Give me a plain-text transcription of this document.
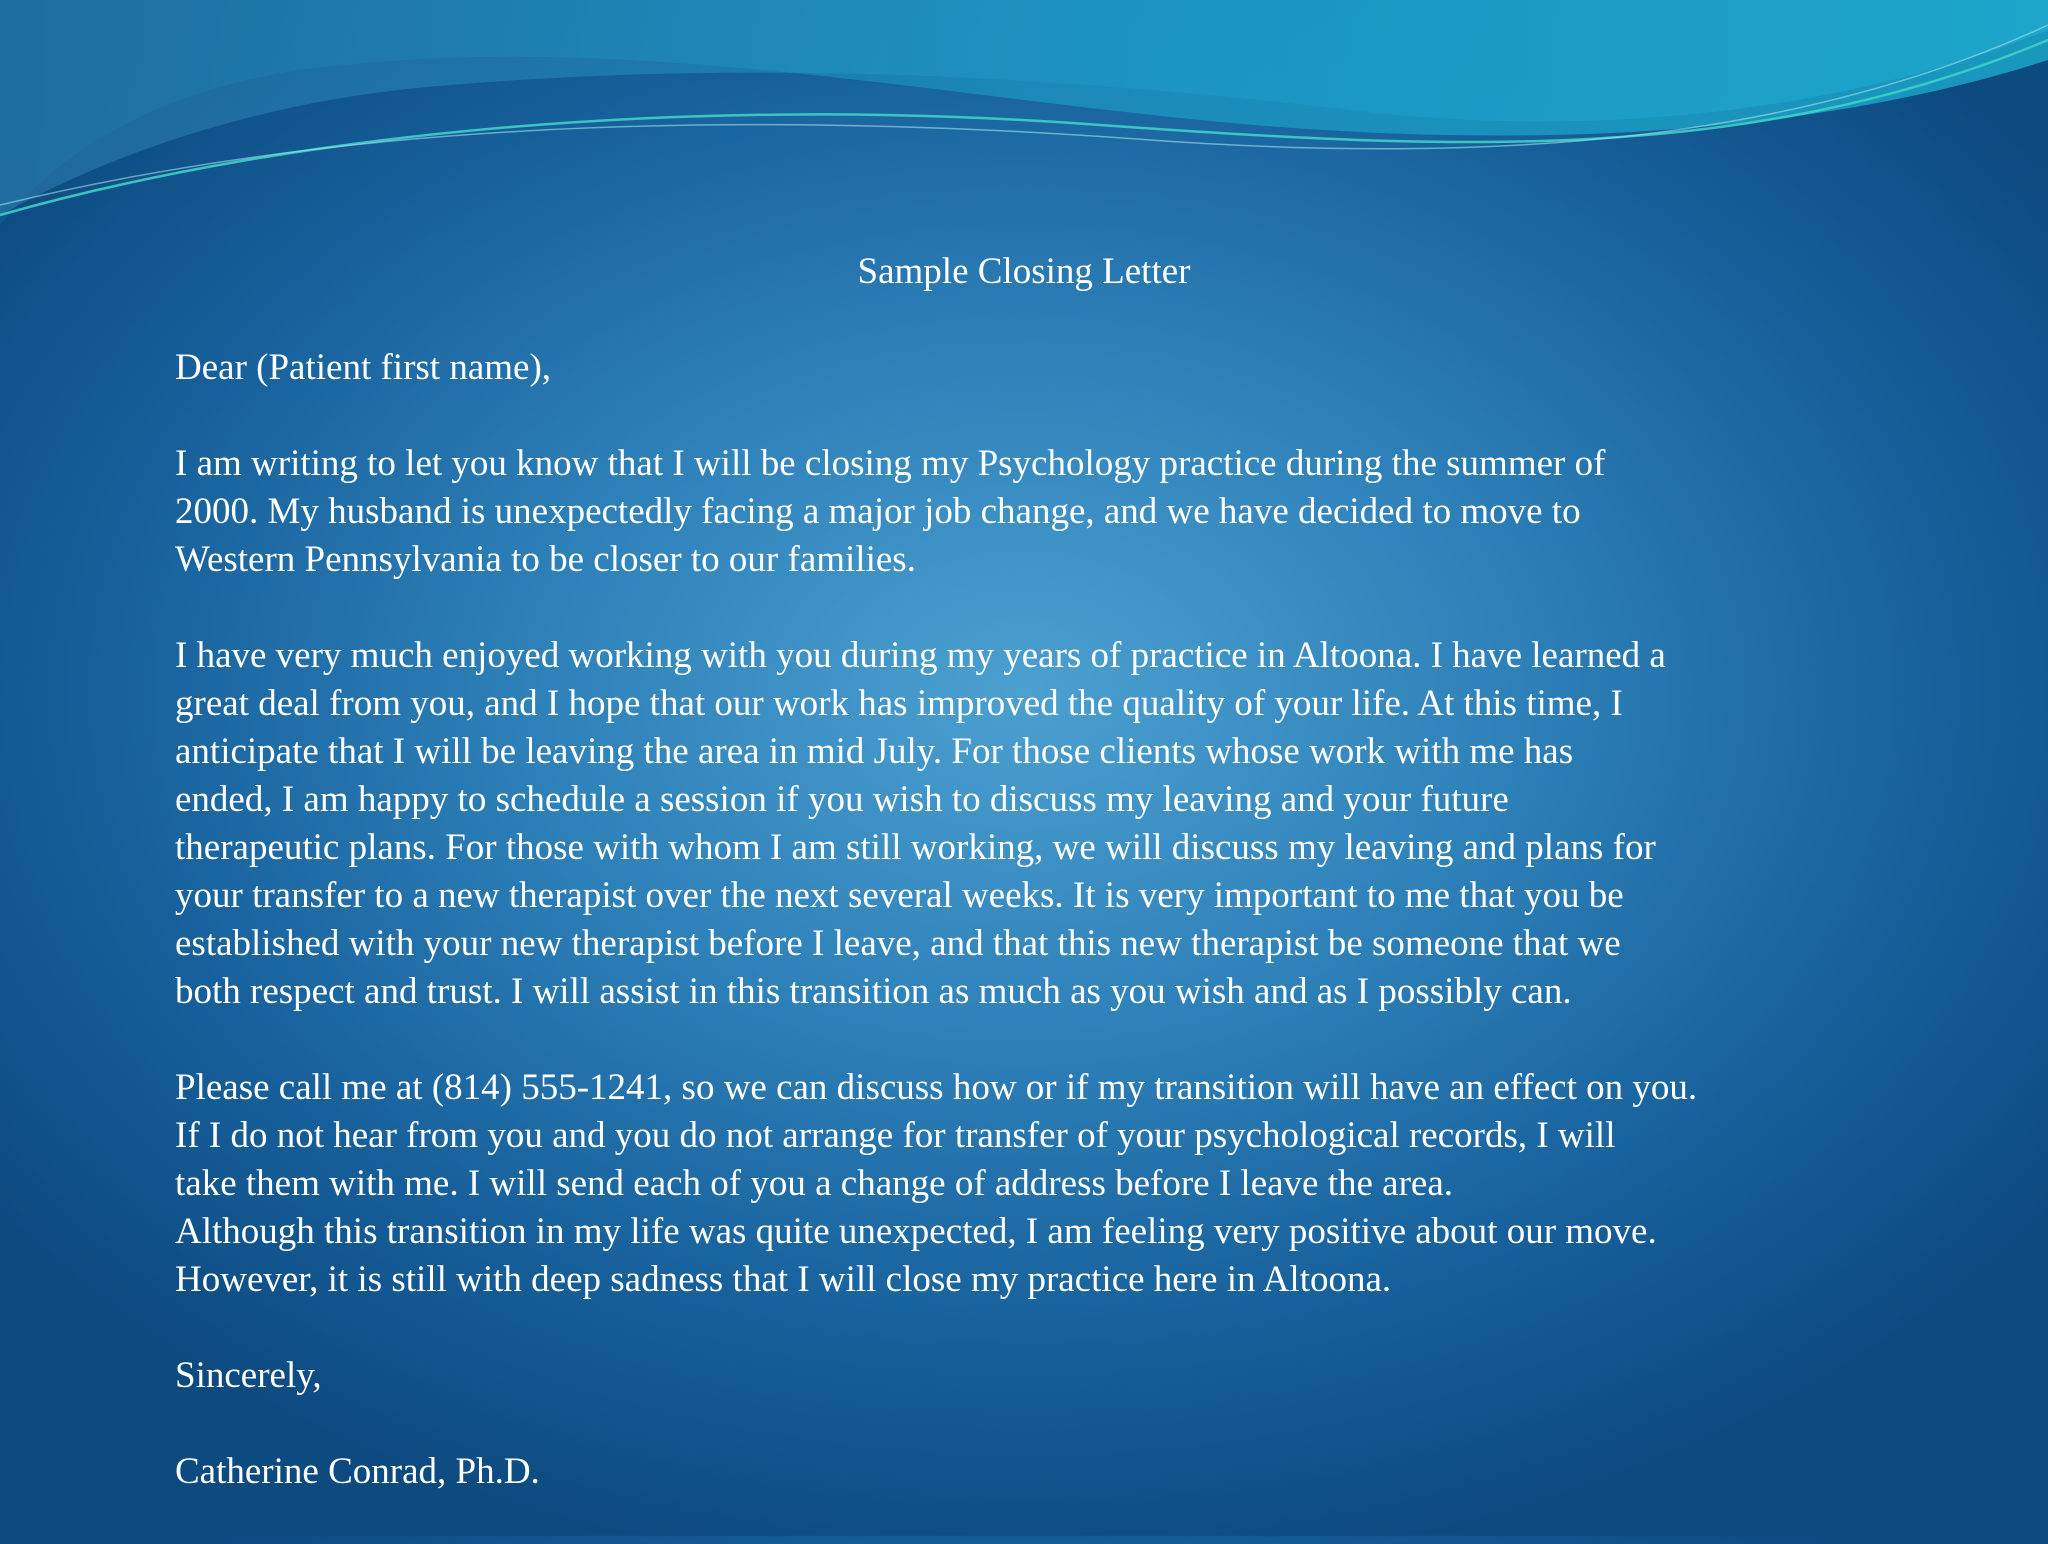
Sample Closing Letter

Dear (Patient first name),

I am writing to let you know that I will be closing my Psychology practice during the summer of
2000. My husband is unexpectedly facing a major job change, and we have decided to move to
Western Pennsylvania to be closer to our families.

I have very much enjoyed working with you during my years of practice in Altoona. I have learned a
great deal from you, and I hope that our work has improved the quality of your life. At this time, I
anticipate that I will be leaving the area in mid July. For those clients whose work with me has
ended, I am happy to schedule a session if you wish to discuss my leaving and your future
therapeutic plans. For those with whom I am still working, we will discuss my leaving and plans for
your transfer to a new therapist over the next several weeks. It is very important to me that you be
established with your new therapist before I leave, and that this new therapist be someone that we
both respect and trust. I will assist in this transition as much as you wish and as I possibly can.

Please call me at (814) 555-1241, so we can discuss how or if my transition will have an effect on you.
If I do not hear from you and you do not arrange for transfer of your psychological records, I will
take them with me. I will send each of you a change of address before I leave the area.
Although this transition in my life was quite unexpected, I am feeling very positive about our move.
However, it is still with deep sadness that I will close my practice here in Altoona.

Sincerely,

Catherine Conrad, Ph.D.
